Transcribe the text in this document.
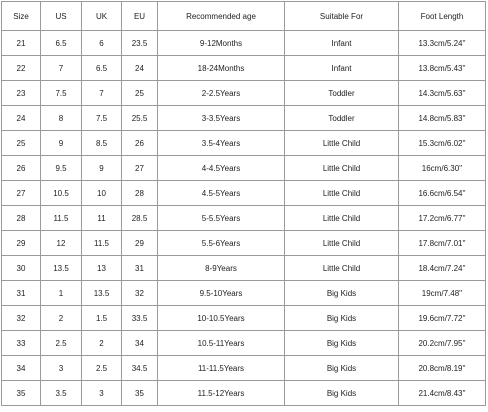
Size	US	UK	EU	Recommended age	Suitable For	Foot Length
21	6.5	6	23.5	9-12Months	Infant	13.3cm/5.24''
22	7	6.5	24	18-24Months	Infant	13.8cm/5.43''
23	7.5	7	25	2-2.5Years	Toddler	14.3cm/5.63''
24	8	7.5	25.5	3-3.5Years	Toddler	14.8cm/5.83''
25	9	8.5	26	3.5-4Years	Little Child	15.3cm/6.02''
26	9.5	9	27	4-4.5Years	Little Child	16cm/6.30''
27	10.5	10	28	4.5-5Years	Little Child	16.6cm/6.54''
28	11.5	11	28.5	5-5.5Years	Little Child	17.2cm/6.77''
29	12	11.5	29	5.5-6Years	Little Child	17.8cm/7.01''
30	13.5	13	31	8-9Years	Little Child	18.4cm/7.24''
31	1	13.5	32	9.5-10Years	Big Kids	19cm/7.48''
32	2	1.5	33.5	10-10.5Years	Big Kids	19.6cm/7.72''
33	2.5	2	34	10.5-11Years	Big Kids	20.2cm/7.95''
34	3	2.5	34.5	11-11.5Years	Big Kids	20.8cm/8.19''
35	3.5	3	35	11.5-12Years	Big Kids	21.4cm/8.43''
